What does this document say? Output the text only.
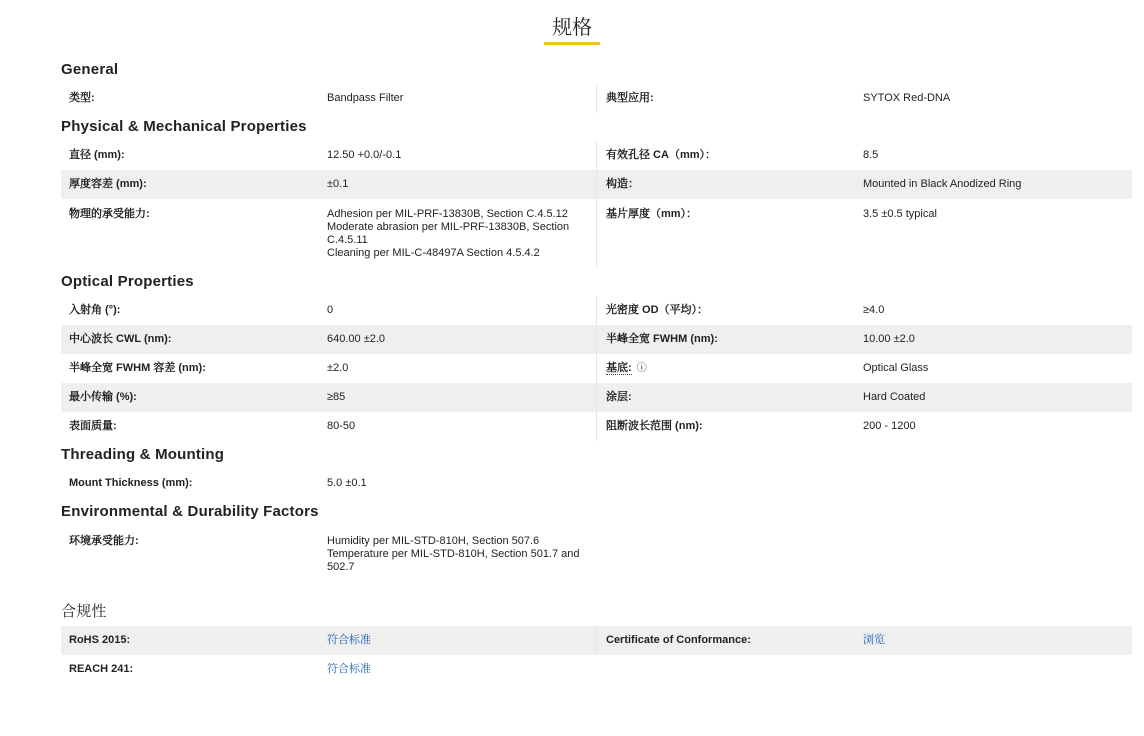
规格
General
类型:	Bandpass Filter	典型应用:	SYTOX Red-DNA
Physical & Mechanical Properties
直径 (mm):	12.50 +0.0/-0.1	有效孔径 CA（mm）：	8.5
厚度容差 (mm):	±0.1	构造：	Mounted in Black Anodized Ring
物理的承受能力:	Adhesion per MIL-PRF-13830B, Section C.4.5.12
Moderate abrasion per MIL-PRF-13830B, Section C.4.5.11
Cleaning per MIL-C-48497A Section 4.5.4.2
基片厚度（mm）：	3.5 ±0.5 typical
Optical Properties
入射角 (°):	0	光密度 OD（平均）：	≥4.0
中心波长 CWL (nm):	640.00 ±2.0	半峰全宽 FWHM (nm):	10.00 ±2.0
半峰全宽 FWHM 容差 (nm):	±2.0	基底: ⓘ	Optical Glass
最小传输 (%):	≥85	涂层:	Hard Coated
表面质量:	80-50	阻断波长范围 (nm):	200 - 1200
Threading & Mounting
Mount Thickness (mm):	5.0 ±0.1
Environmental & Durability Factors
环境承受能力:	Humidity per MIL-STD-810H, Section 507.6
Temperature per MIL-STD-810H, Section 501.7 and 502.7
合规性
RoHS 2015:	符合标准	Certificate of Conformance:	浏览
REACH 241:	符合标准
